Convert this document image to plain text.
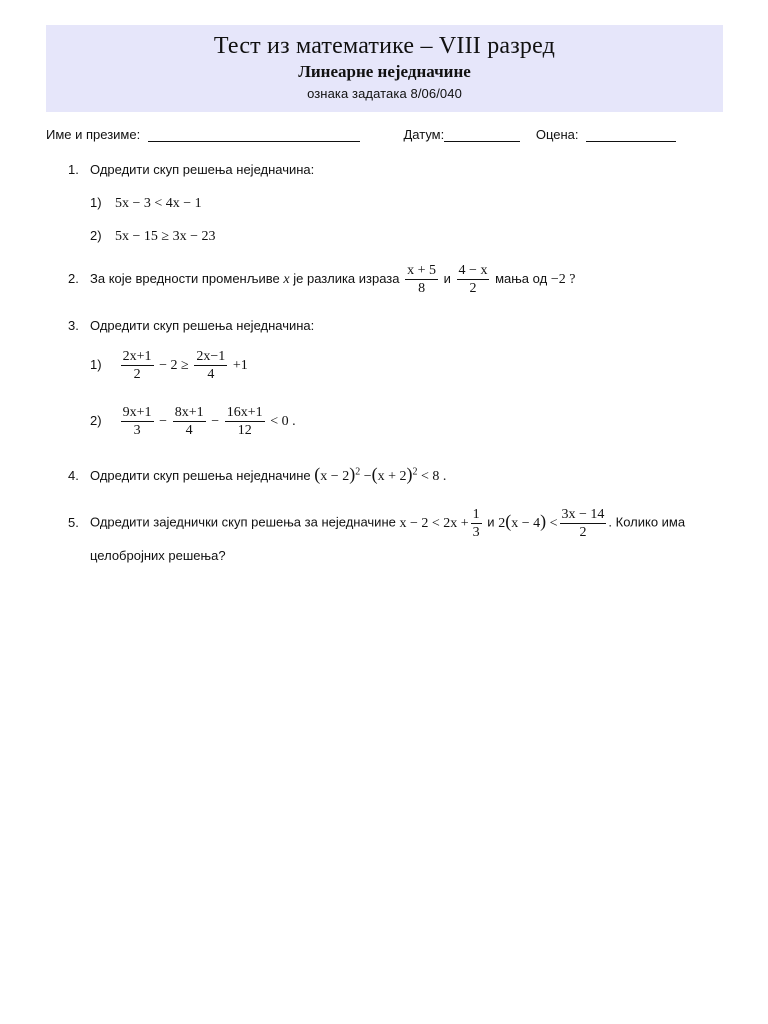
Тест из математике – VIII разред
Линеарне неједначине
ознака задатака 8/06/040
Име и презиме:	Датум:	Оцена:
1. Одредити скуп решења неједначина:
1) 5x − 3 < 4x − 1
2) 5x − 15 ≥ 3x − 23
2. За које вредности променљиве x је разлика израза $\frac{x + 5}{8}$ и $\frac{4 - x}{2}$ мања од −2 ?
3. Одредити скуп решења неједначина:
$1) \frac{2x+1}{2} - 2 \ge \frac{2x-1}{4} +1$
$2) \frac{9x+1}{3} - \frac{8x+1}{4} - \frac{16x+1}{12} < 0$ .
4. Одредити скуп решења неједначине $(x - 2)^2 -(x + 2)^2 < 8$ .
5. Одредити заједнички скуп решења за неједначине $x - 2 < 2x + \frac{1}{3}$ и $2(x - 4) < \frac{3x - 14}{2}$ . Колико има
целобројних решења?
